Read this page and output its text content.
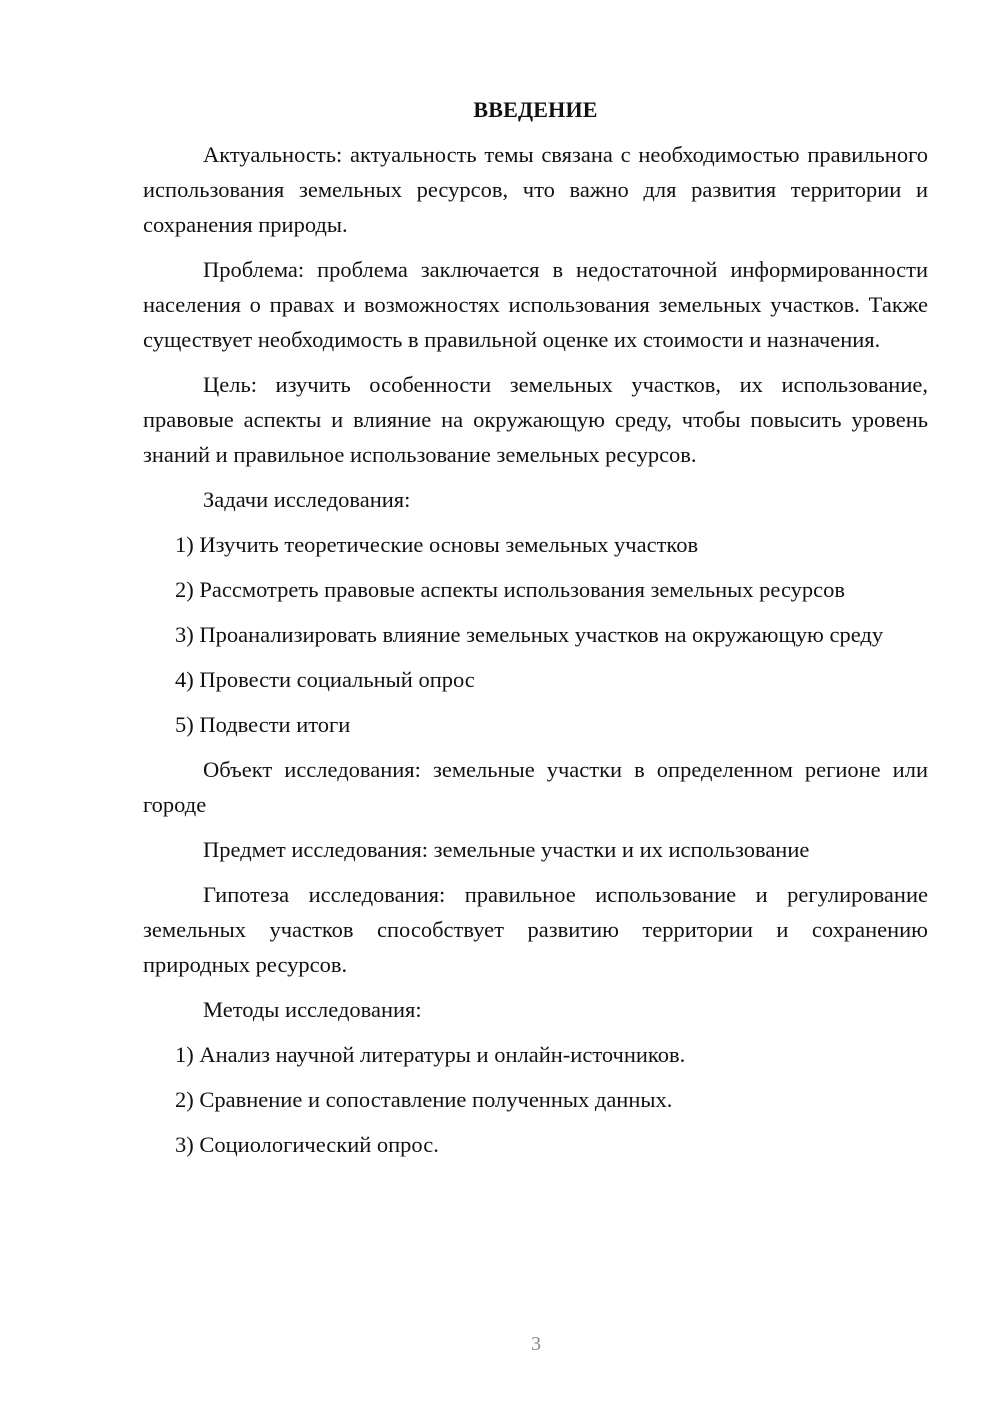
ВВЕДЕНИЕ

Актуальность: актуальность темы связана с необходимостью правильного использования земельных ресурсов, что важно для развития территории и сохранения природы.

Проблема: проблема заключается в недостаточной информированности населения о правах и возможностях использования земельных участков. Также существует необходимость в правильной оценке их стоимости и назначения.

Цель: изучить особенности земельных участков, их использование, правовые аспекты и влияние на окружающую среду, чтобы повысить уровень знаний и правильное использование земельных ресурсов.

Задачи исследования:

1) Изучить теоретические основы земельных участков

2) Рассмотреть правовые аспекты использования земельных ресурсов

3) Проанализировать влияние земельных участков на окружающую среду

4) Провести социальный опрос

5) Подвести итоги

Объект исследования: земельные участки в определенном регионе или городе

Предмет исследования: земельные участки и их использование

Гипотеза исследования: правильное использование и регулирование земельных участков способствует развитию территории и сохранению природных ресурсов.

Методы исследования:

1) Анализ научной литературы и онлайн-источников.

2) Сравнение и сопоставление полученных данных.

3) Социологический опрос.

3
